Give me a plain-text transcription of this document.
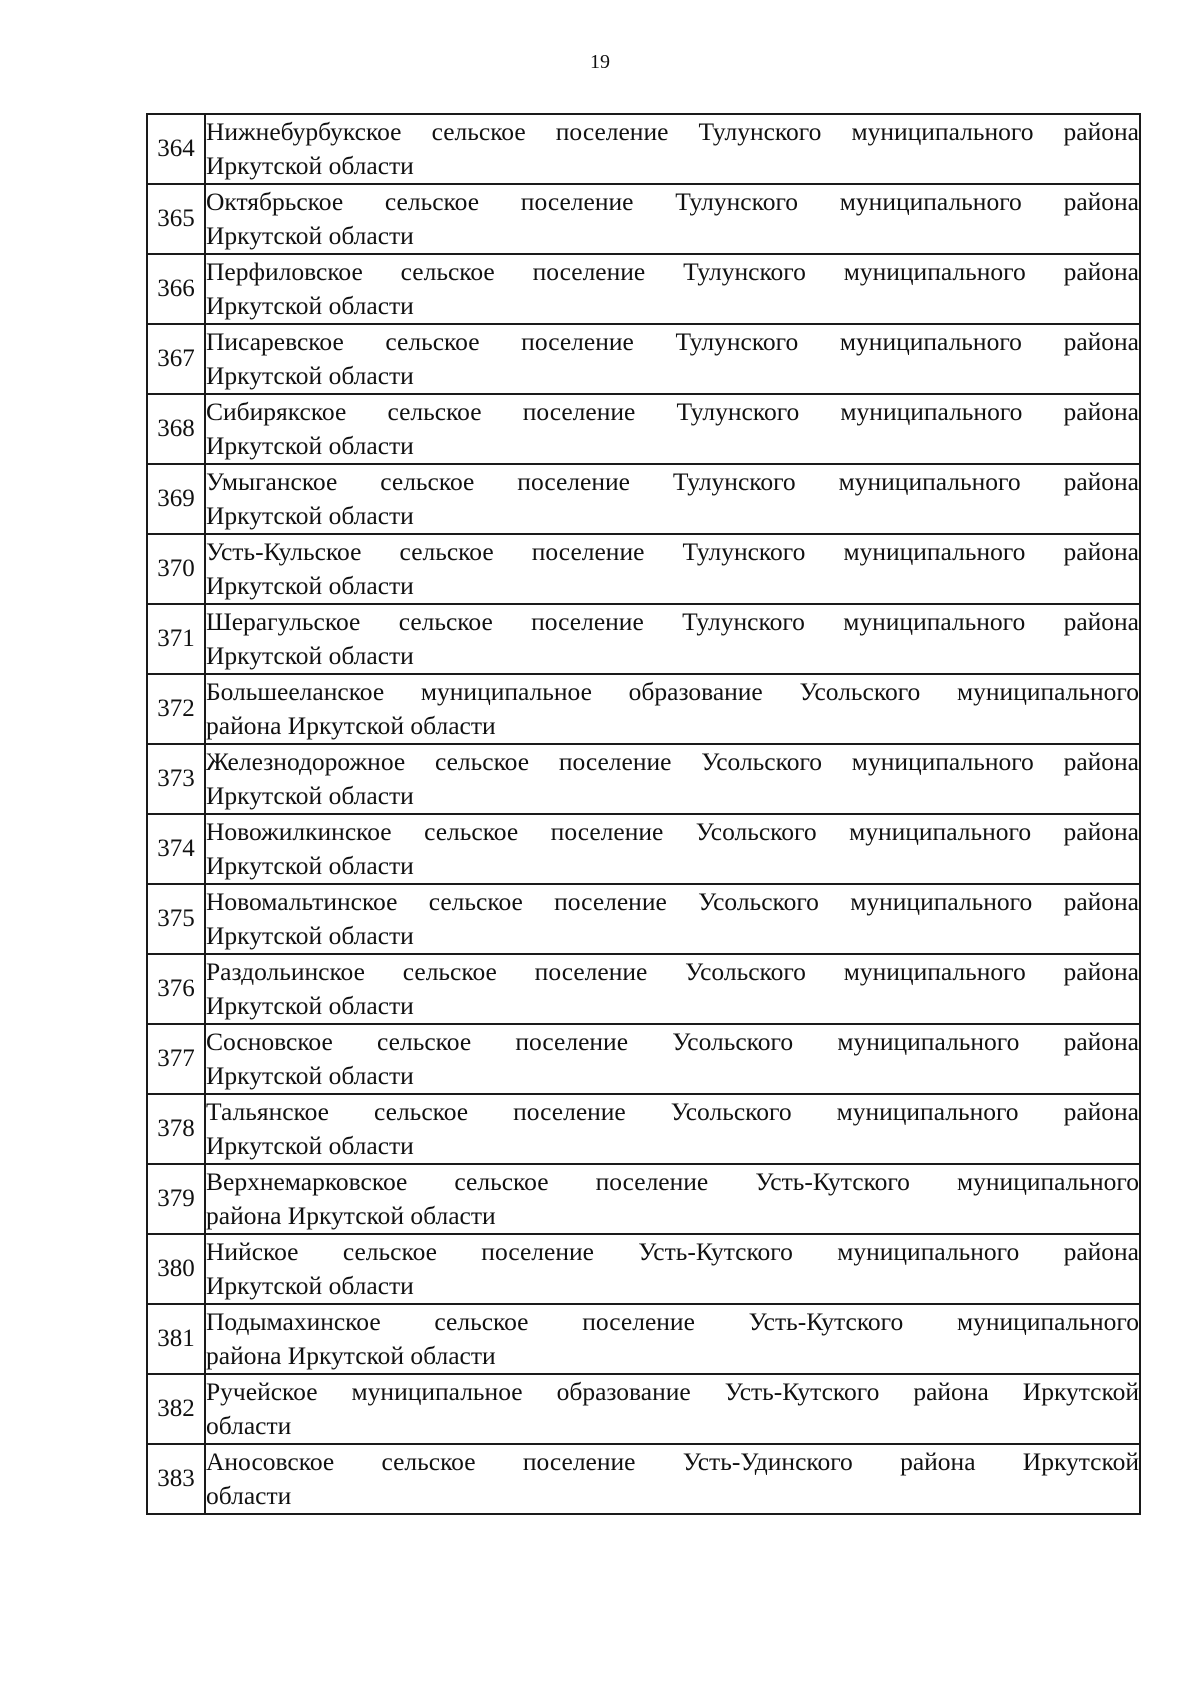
19
364	Нижнебурбукское сельское поселение Тулунского муниципального района
Иркутской области

365	Октябрьское сельское поселение Тулунского муниципального района
Иркутской области

366	Перфиловское сельское поселение Тулунского муниципального района
Иркутской области

367	Писаревское сельское поселение Тулунского муниципального района
Иркутской области

368	Сибирякское сельское поселение Тулунского муниципального района
Иркутской области

369	Умыганское сельское поселение Тулунского муниципального района
Иркутской области

370	Усть-Кульское сельское поселение Тулунского муниципального района
Иркутской области

371	Шерагульское сельское поселение Тулунского муниципального района
Иркутской области

372	Большееланское муниципальное образование Усольского муниципального
района Иркутской области

373	Железнодорожное сельское поселение Усольского муниципального района
Иркутской области

374	Новожилкинское сельское поселение Усольского муниципального района
Иркутской области

375	Новомальтинское сельское поселение Усольского муниципального района
Иркутской области

376	Раздольинское сельское поселение Усольского муниципального района
Иркутской области

377	Сосновское сельское поселение Усольского муниципального района
Иркутской области

378	Тальянское сельское поселение Усольского муниципального района
Иркутской области

379	Верхнемарковское сельское поселение Усть-Кутского муниципального
района Иркутской области

380	Нийское сельское поселение Усть-Кутского муниципального района
Иркутской области

381	Подымахинское сельское поселение Усть-Кутского муниципального
района Иркутской области

382	Ручейское муниципальное образование Усть-Кутского района Иркутской
области

383	Аносовское сельское поселение Усть-Удинского района Иркутской
области
